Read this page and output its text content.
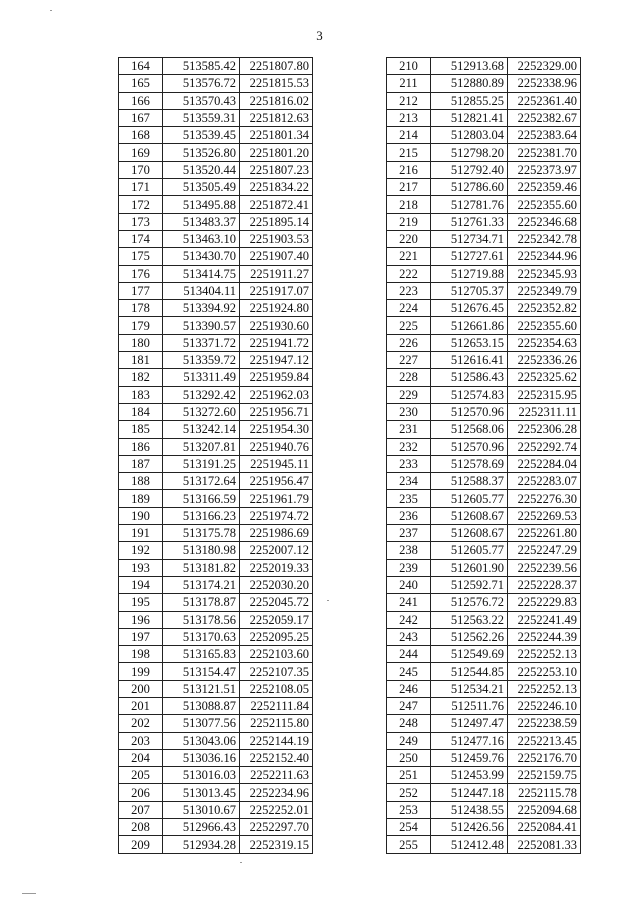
3
164	513585.42	2251807.80
165	513576.72	2251815.53
166	513570.43	2251816.02
167	513559.31	2251812.63
168	513539.45	2251801.34
169	513526.80	2251801.20
170	513520.44	2251807.23
171	513505.49	2251834.22
172	513495.88	2251872.41
173	513483.37	2251895.14
174	513463.10	2251903.53
175	513430.70	2251907.40
176	513414.75	2251911.27
177	513404.11	2251917.07
178	513394.92	2251924.80
179	513390.57	2251930.60
180	513371.72	2251941.72
181	513359.72	2251947.12
182	513311.49	2251959.84
183	513292.42	2251962.03
184	513272.60	2251956.71
185	513242.14	2251954.30
186	513207.81	2251940.76
187	513191.25	2251945.11
188	513172.64	2251956.47
189	513166.59	2251961.79
190	513166.23	2251974.72
191	513175.78	2251986.69
192	513180.98	2252007.12
193	513181.82	2252019.33
194	513174.21	2252030.20
195	513178.87	2252045.72
196	513178.56	2252059.17
197	513170.63	2252095.25
198	513165.83	2252103.60
199	513154.47	2252107.35
200	513121.51	2252108.05
201	513088.87	2252111.84
202	513077.56	2252115.80
203	513043.06	2252144.19
204	513036.16	2252152.40
205	513016.03	2252211.63
206	513013.45	2252234.96
207	513010.67	2252252.01
208	512966.43	2252297.70
209	512934.28	2252319.15
210	512913.68	2252329.00
211	512880.89	2252338.96
212	512855.25	2252361.40
213	512821.41	2252382.67
214	512803.04	2252383.64
215	512798.20	2252381.70
216	512792.40	2252373.97
217	512786.60	2252359.46
218	512781.76	2252355.60
219	512761.33	2252346.68
220	512734.71	2252342.78
221	512727.61	2252344.96
222	512719.88	2252345.93
223	512705.37	2252349.79
224	512676.45	2252352.82
225	512661.86	2252355.60
226	512653.15	2252354.63
227	512616.41	2252336.26
228	512586.43	2252325.62
229	512574.83	2252315.95
230	512570.96	2252311.11
231	512568.06	2252306.28
232	512570.96	2252292.74
233	512578.69	2252284.04
234	512588.37	2252283.07
235	512605.77	2252276.30
236	512608.67	2252269.53
237	512608.67	2252261.80
238	512605.77	2252247.29
239	512601.90	2252239.56
240	512592.71	2252228.37
241	512576.72	2252229.83
242	512563.22	2252241.49
243	512562.26	2252244.39
244	512549.69	2252252.13
245	512544.85	2252253.10
246	512534.21	2252252.13
247	512511.76	2252246.10
248	512497.47	2252238.59
249	512477.16	2252213.45
250	512459.76	2252176.70
251	512453.99	2252159.75
252	512447.18	2252115.78
253	512438.55	2252094.68
254	512426.56	2252084.41
255	512412.48	2252081.33
